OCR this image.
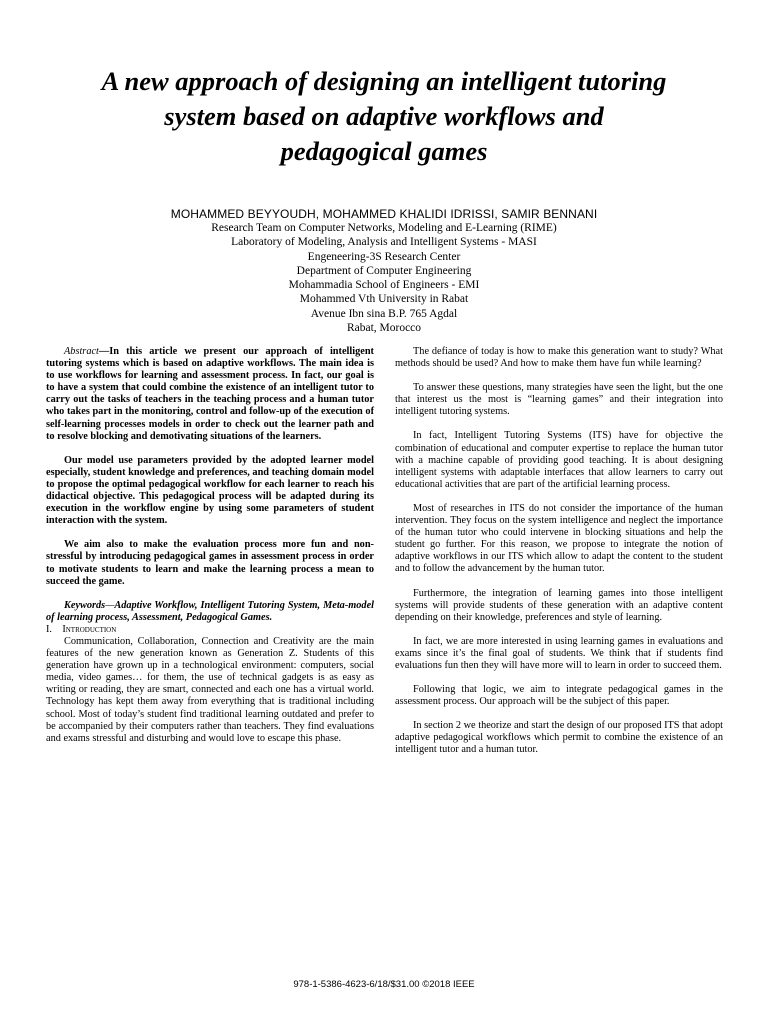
A new approach of designing an intelligent tutoring
system based on adaptive workflows and
pedagogical games
MOHAMMED BEYYOUDH, MOHAMMED KHALIDI IDRISSI, SAMIR BENNANI
Research Team on Computer Networks, Modeling and E-Learning (RIME)
Laboratory of Modeling, Analysis and Intelligent Systems - MASI
Engeneering-3S Research Center
Department of Computer Engineering
Mohammadia School of Engineers - EMI
Mohammed Vth University in Rabat
Avenue Ibn sina B.P. 765 Agdal
Rabat, Morocco

Abstract—In this article we present our approach of intelligent tutoring systems which is based on adaptive workflows. The main idea is to use workflows for learning and assessment process. In fact, our goal is to have a system that could combine the existence of an intelligent tutor to carry out the tasks of teachers in the teaching process and a human tutor who takes part in the monitoring, control and follow-up of the execution of self-learning processes models in order to check out the learner path and to resolve blocking and demotivating situations of the learners.

Our model use parameters provided by the adopted learner model especially, student knowledge and preferences, and teaching domain model to propose the optimal pedagogical workflow for each learner to reach his didactical objective. This pedagogical process will be adapted during its execution in the workflow engine by using some parameters of student interaction with the system.

We aim also to make the evaluation process more fun and non-stressful by introducing pedagogical games in assessment process in order to motivate students to learn and make the learning process a mean to succeed the game.

Keywords—Adaptive Workflow, Intelligent Tutoring System, Meta-model of learning process, Assessment, Pedagogical Games.

I. Introduction

Communication, Collaboration, Connection and Creativity are the main features of the new generation known as Generation Z. Students of this generation have grown up in a technological environment: computers, social media, video games… for them, the use of technical gadgets is as easy as writing or reading, they are smart, connected and each one has a virtual world. Technology has kept them away from everything that is traditional including school. Most of today’s student find traditional learning outdated and prefer to be accompanied by their computers rather than teachers. They find evaluations and exams stressful and disturbing and would love to escape this phase.

The defiance of today is how to make this generation want to study? What methods should be used? And how to make them have fun while learning?

To answer these questions, many strategies have seen the light, but the one that interest us the most is “learning games” and their integration into intelligent tutoring systems.

In fact, Intelligent Tutoring Systems (ITS) have for objective the combination of educational and computer expertise to replace the human tutor with a machine capable of providing good teaching. It is about designing intelligent systems with adaptable interfaces that allow learners to carry out educational activities that are part of the artificial learning process.

Most of researches in ITS do not consider the importance of the human intervention. They focus on the system intelligence and neglect the importance of the human tutor who could intervene in blocking situations and help the student go further. For this reason, we propose to integrate the notion of adaptive workflows in our ITS which allow to adapt the content to the student and to follow the advancement by the human tutor.

Furthermore, the integration of learning games into those intelligent systems will provide students of these generation with an adaptive content depending on their knowledge, preferences and style of learning.

In fact, we are more interested in using learning games in evaluations and exams since it’s the final goal of students. We think that if students find evaluations fun then they will have more will to learn in order to succeed them.

Following that logic, we aim to integrate pedagogical games in the assessment process. Our approach will be the subject of this paper.

In section 2 we theorize and start the design of our proposed ITS that adopt adaptive pedagogical workflows which permit to combine the existence of an intelligent tutor and a human tutor.

978-1-5386-4623-6/18/$31.00 ©2018 IEEE
